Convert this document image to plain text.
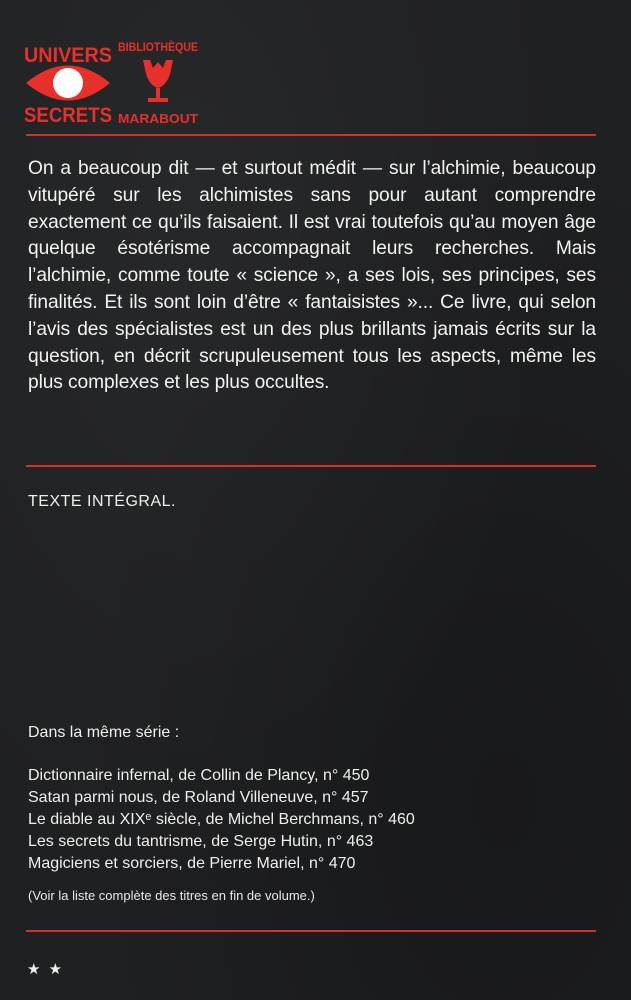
UNIVERS
SECRETS
BIBLIOTHÈQUE
MARABOUT

On a beaucoup dit — et surtout médit — sur l’alchimie, beaucoup vitupéré sur les alchimistes sans pour autant comprendre exactement ce qu’ils faisaient. Il est vrai toutefois qu’au moyen âge quelque ésotérisme accompagnait leurs recherches. Mais l’alchimie, comme toute « science », a ses lois, ses principes, ses finalités. Et ils sont loin d’être « fantaisistes »... Ce livre, qui selon l’avis des spécialistes est un des plus brillants jamais écrits sur la question, en décrit scrupuleusement tous les aspects, même les plus complexes et les plus occultes.

TEXTE INTÉGRAL.

Dans la même série :

Dictionnaire infernal, de Collin de Plancy, n° 450
Satan parmi nous, de Roland Villeneuve, n° 457
Le diable au XIXᵉ siècle, de Michel Berchmans, n° 460
Les secrets du tantrisme, de Serge Hutin, n° 463
Magiciens et sorciers, de Pierre Mariel, n° 470

(Voir la liste complète des titres en fin de volume.)

★ ★
